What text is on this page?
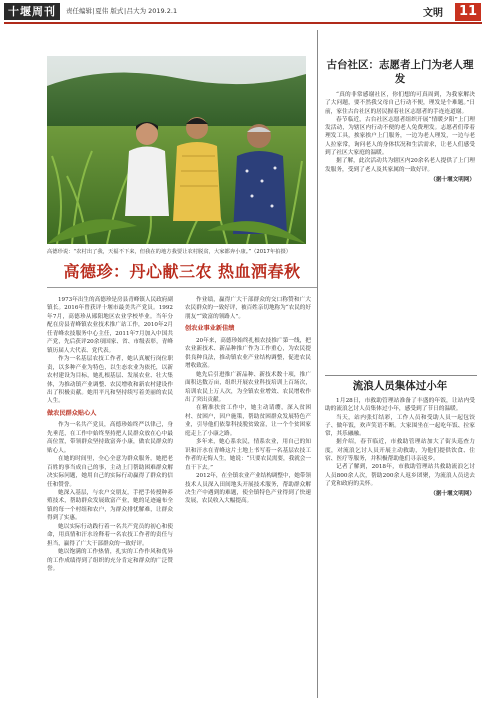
十堰周刊	责任编辑∣夏伟 版式∣吕大为 2019.2.1	文明	11
高德珍说：“农村出了我，天福不下来，但我在的地方我要让农村脱贫，大家都奔小康。”（2017年拍摄）
高德珍：丹心献三农 热血洒春秋

1973年出生的高德珍是房县青峰镇人民政府副镇长。2016年曾获评十堰市最美共产党员。1992年7月，高德珍从郧阳地区农业学校毕业。当年分配在房县青峰镇农业技术推广站工作，2010年2月任青峰农技服务中心主任，2011年7月加入中国共产党，先后获评20余项国家、省、市级表彰，青峰镇历届人大代表、党代表。

作为一名基层农技工作者，她认真履行岗位职责，以多种产业为特色，以生态农业为依托，以新农村建设为目标，她扎根基层、发展农业、壮大集体，为推动镇产业调整、农民增收和新农村建设作出了积极贡献。她用平凡和坚持续写着美丽的农民人生。

做农民群众贴心人

作为一名共产党员，高德珍始终严以律己，身先垂范，在工作中始终坚持把人民群众放在心中最高位置，带领群众坚持致富奔小康，做农民群众的贴心人。

在她的时间里，全心全意为群众服务，她把老百姓的事当成自己的事，主动上门帮助困难群众解决实际问题，她用自己的实际行动赢得了群众的信任和赞誉。

她深入基层，与农户交朋友，手把手传授种养殖技术，帮助群众发展致富产业，她的足迹遍布全镇的每一个村组和农户，为群众排忧解难，让群众得到了实惠。

她以实际行动践行着一名共产党员的初心和使命，用真情和汗水诠释着一名农技工作者的责任与担当，赢得了广大干部群众的一致好评。

她以饱满的工作热情，扎实的工作作风和优异的工作成绩得到了组织的充分肯定和群众的广泛赞誉。

作业绩，赢得广大干部群众的交口称赞和广大农民群众的一致好评，被百姓亲切地称为“农民的好朋友”“致富的领路人”。

创农业事业新佳绩

20年来，高德珍始终扎根农技推广第一线，把农业新技术、新品种推广作为工作重心，为农民提供良种良法，推动镇农业产业结构调整，促进农民增收致富。

她先后引进推广新品种、新技术数十项，推广面积达数万亩，组织开展农业科技培训上百场次，培训农民上万人次，为全镇农业增效、农民增收作出了突出贡献。

在精准扶贫工作中，她主动请缨，深入贫困村、贫困户，因户施策，帮助贫困群众发展特色产业，引导他们依靠科技脱贫致富，让一个个贫困家庭走上了小康之路。

多年来，她心系农民，情系农业，用自己的知识和汗水在青峰这片土地上书写着一名基层农技工作者的无悔人生，她说：“只要农民需要，我就会一直干下去。”

2012年，在全镇农业产业结构调整中，她带领技术人员深入田间地头开展技术服务，帮助群众解决生产中遇到的难题，使全镇特色产业得到了快速发展，农民收入大幅提高。

古台社区：志愿者上门为老人理发

“真的非常感谢社区，你们想的可真周到，为我家解决了大问题，要不然我父母自己行动不便，理发是个难题。”日前，家住古台社区的居民握着社区志愿者的手连连道谢。

春节临近，古台社区志愿者组织开展“情暖夕阳”上门理发活动，为辖区内行动不便的老人免费理发。志愿者们带着理发工具，挨家挨户上门服务，一边为老人理发，一边与老人拉家常，询问老人的身体状况和生活需求，让老人们感受到了社区大家庭的温暖。

据了解，此次活动共为辖区内20余名老人提供了上门理发服务，受到了老人及其家属的一致好评。

（据十堰文明网）
流浪人员集体过小年

1月28日，市救助管理站准备了丰盛的年饭，让站内受助的流浪乞讨人员集体过小年，感受到了节日的温暖。

当天，站内张灯结彩，工作人员和受助人员一起包饺子、做年饭，欢声笑语不断。大家围坐在一起吃年饭、拉家常，其乐融融。

据介绍，春节临近，市救助管理站加大了街头巡查力度，对流浪乞讨人员开展主动救助，为他们提供饮食、住宿、医疗等服务，并积极帮助他们寻亲返乡。

记者了解到，2018年，市救助管理站共救助流浪乞讨人员800余人次，帮助200余人返乡团聚，为流浪人员送去了党和政府的关怀。

（据十堰文明网）
